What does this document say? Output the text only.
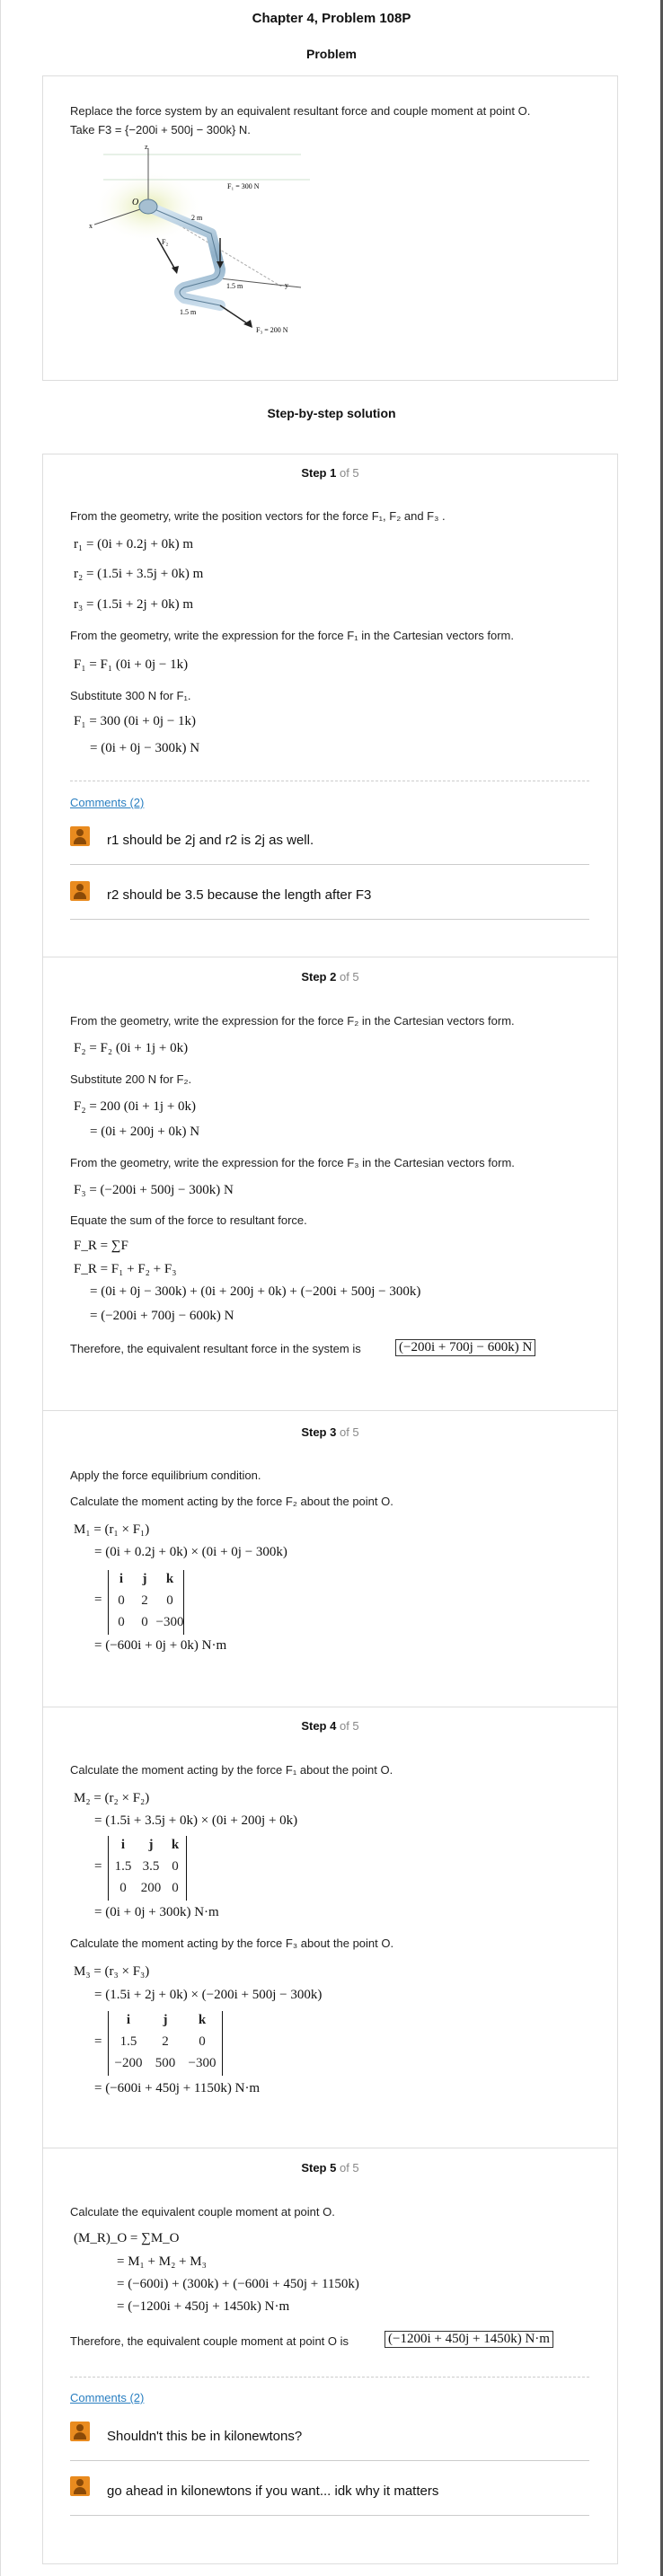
Chapter 4, Problem 108P
Problem
Replace the force system by an equivalent resultant force and couple moment at point O.
Take F3 = {−200i + 500j − 300k} N.
F₁ = 300 N
F₂
F₃ = 200 N
O
2 m
1.5 m
1.5 m
x
y
z
Step-by-step solution
Step 1 of 5
From the geometry, write the position vectors for the force F₁, F₂ and F₃ .
r₁ = (0i + 0.2j + 0k) m
r₂ = (1.5i + 3.5j + 0k) m
r₃ = (1.5i + 2j + 0k) m
From the geometry, write the expression for the force F₁ in the Cartesian vectors form.
F₁ = F₁ (0i + 0j − 1k)
Substitute 300 N for F₁.
F₁ = 300 (0i + 0j − 1k)
= (0i + 0j − 300k) N
Comments (2)
r1 should be 2j and r2 is 2j as well.
r2 should be 3.5 because the length after F3
Step 2 of 5
From the geometry, write the expression for the force F₂ in the Cartesian vectors form.
F₂ = F₂ (0i + 1j + 0k)
Substitute 200 N for F₂.
F₂ = 200 (0i + 1j + 0k)
= (0i + 200j + 0k) N
From the geometry, write the expression for the force F₃ in the Cartesian vectors form.
F₃ = (−200i + 500j − 300k) N
Equate the sum of the force to resultant force.
F_R = ∑F
F_R = F₁ + F₂ + F₃
= (0i + 0j − 300k) + (0i + 200j + 0k) + (−200i + 500j − 300k)
= (−200i + 700j − 600k) N
Therefore, the equivalent resultant force in the system is	(−200i + 700j − 600k) N
Step 3 of 5
Apply the force equilibrium condition.
Calculate the moment acting by the force F₂ about the point O.
M₁ = (r₁ × F₁)
= (0i + 0.2j + 0k) × (0i + 0j − 300k)
=
i	j	k
0	2	0
0	0 −300
= (−600i + 0j + 0k) N·m
Step 4 of 5
Calculate the moment acting by the force F₁ about the point O.
M₂ = (r₂ × F₂)
= (1.5i + 3.5j + 0k) × (0i + 200j + 0k)
=
i	j	k
1.5 3.5 0
0	200 0
= (0i + 0j + 300k) N·m
Calculate the moment acting by the force F₃ about the point O.
M₃ = (r₃ × F₃)
= (1.5i + 2j + 0k) × (−200i + 500j − 300k)
=
i	j	k
1.5	2	0
−200 500 −300
= (−600i + 450j + 1150k) N·m
Step 5 of 5
Calculate the equivalent couple moment at point O.
(M_R)_O = ∑M_O
= M₁ + M₂ + M₃
= (−600i) + (300k) + (−600i + 450j + 1150k)
= (−1200i + 450j + 1450k) N·m
Therefore, the equivalent couple moment at point O is	(−1200i + 450j + 1450k) N·m
Comments (2)
Shouldn't this be in kilonewtons?
go ahead in kilonewtons if you want... idk why it matters
